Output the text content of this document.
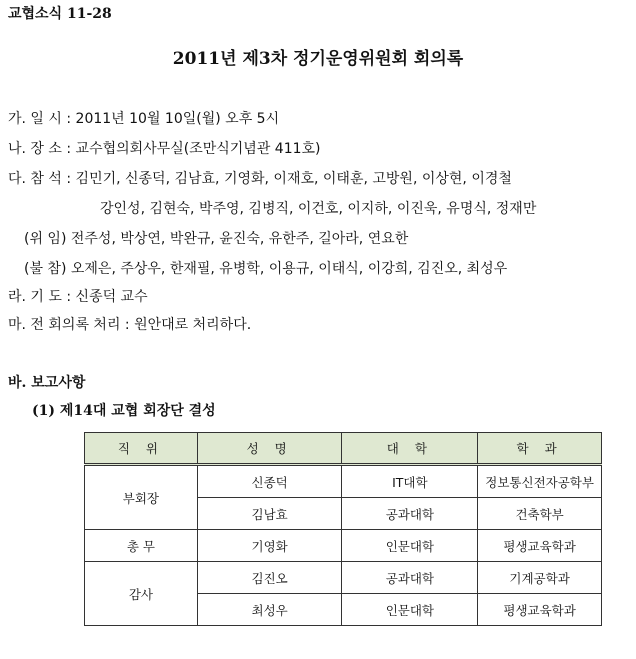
교협소식 11-28
2011년 제3차 정기운영위원회 회의록
가. 일 시 : 2011년 10월 10일(월) 오후 5시
나. 장 소 : 교수협의회사무실(조만식기념관 411호)
다. 참 석 : 김민기, 신종덕, 김남효, 기영화, 이재호, 이태훈, 고방원, 이상현, 이경철
강인성, 김현숙, 박주영, 김병직, 이건호, 이지하, 이진욱, 유명식, 정재만
(위 임) 전주성, 박상연, 박완규, 윤진숙, 유한주, 길아라, 연요한
(불 참) 오제은, 주상우, 한재필, 유병학, 이용규, 이태식, 이강희, 김진오, 최성우
라. 기 도 : 신종덕 교수
마. 전 회의록 처리 : 원안대로 처리하다.
바. 보고사항
(1) 제14대 교협 회장단 결성
직 위	성 명	대 학	학 과
부회장	신종덕	IT대학	정보통신전자공학부
	김남효	공과대학	건축학부
총 무	기영화	인문대학	평생교육학과
감사	김진오	공과대학	기계공학과
	최성우	인문대학	평생교육학과
